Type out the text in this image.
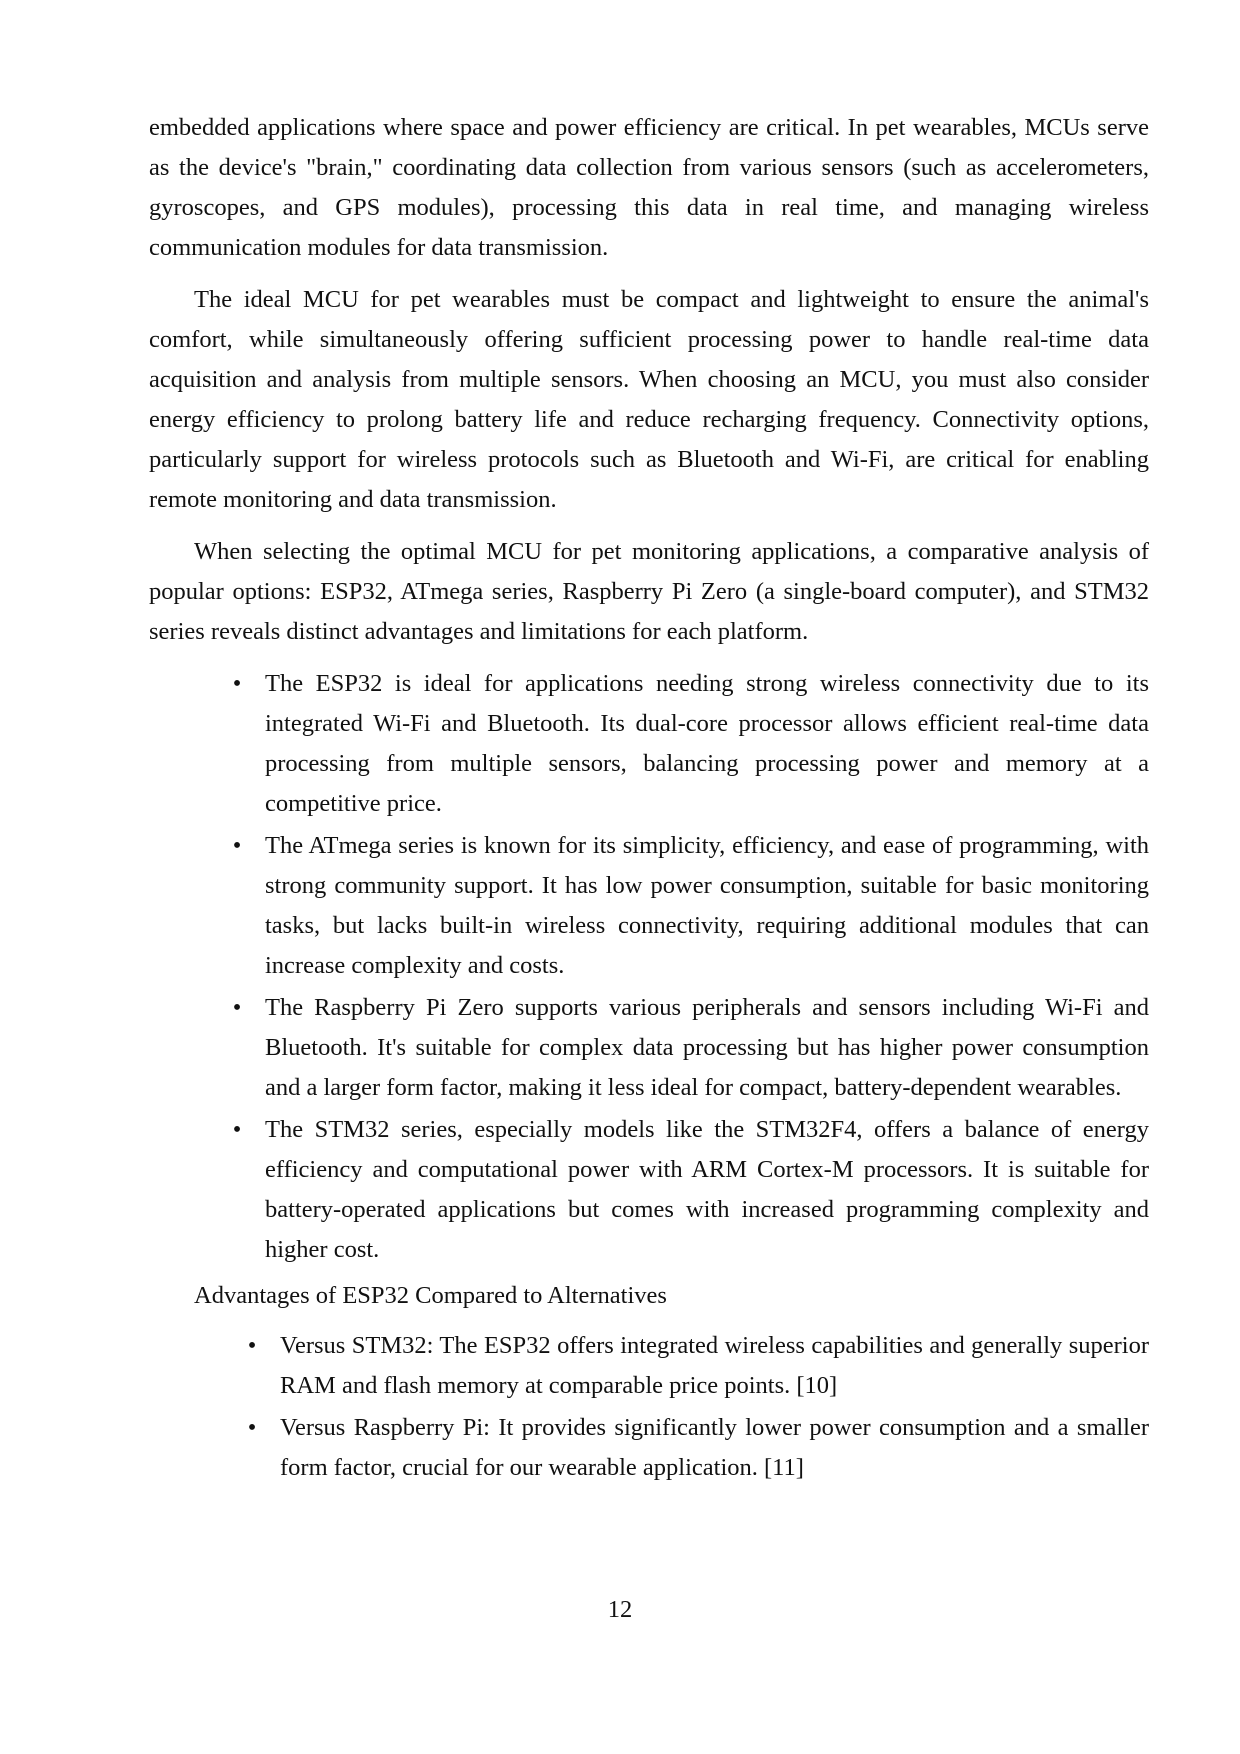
embedded applications where space and power efficiency are critical. In pet wearables, MCUs serve as the device's "brain," coordinating data collection from various sensors (such as accelerometers, gyroscopes, and GPS modules), processing this data in real time, and managing wireless communication modules for data transmission.

The ideal MCU for pet wearables must be compact and lightweight to ensure the animal's comfort, while simultaneously offering sufficient processing power to handle real-time data acquisition and analysis from multiple sensors. When choosing an MCU, you must also consider energy efficiency to prolong battery life and reduce recharging frequency. Connectivity options, particularly support for wireless protocols such as Bluetooth and Wi-Fi, are critical for enabling remote monitoring and data transmission.

When selecting the optimal MCU for pet monitoring applications, a comparative analysis of popular options: ESP32, ATmega series, Raspberry Pi Zero (a single-board computer), and STM32 series reveals distinct advantages and limitations for each platform.

• The ESP32 is ideal for applications needing strong wireless connectivity due to its integrated Wi-Fi and Bluetooth. Its dual-core processor allows efficient real-time data processing from multiple sensors, balancing processing power and memory at a competitive price.
• The ATmega series is known for its simplicity, efficiency, and ease of programming, with strong community support. It has low power consumption, suitable for basic monitoring tasks, but lacks built-in wireless connectivity, requiring additional modules that can increase complexity and costs.
• The Raspberry Pi Zero supports various peripherals and sensors including Wi-Fi and Bluetooth. It's suitable for complex data processing but has higher power consumption and a larger form factor, making it less ideal for compact, battery-dependent wearables.
• The STM32 series, especially models like the STM32F4, offers a balance of energy efficiency and computational power with ARM Cortex-M processors. It is suitable for battery-operated applications but comes with increased programming complexity and higher cost.

Advantages of ESP32 Compared to Alternatives

• Versus STM32: The ESP32 offers integrated wireless capabilities and generally superior RAM and flash memory at comparable price points. [10]
• Versus Raspberry Pi: It provides significantly lower power consumption and a smaller form factor, crucial for our wearable application. [11]
12
